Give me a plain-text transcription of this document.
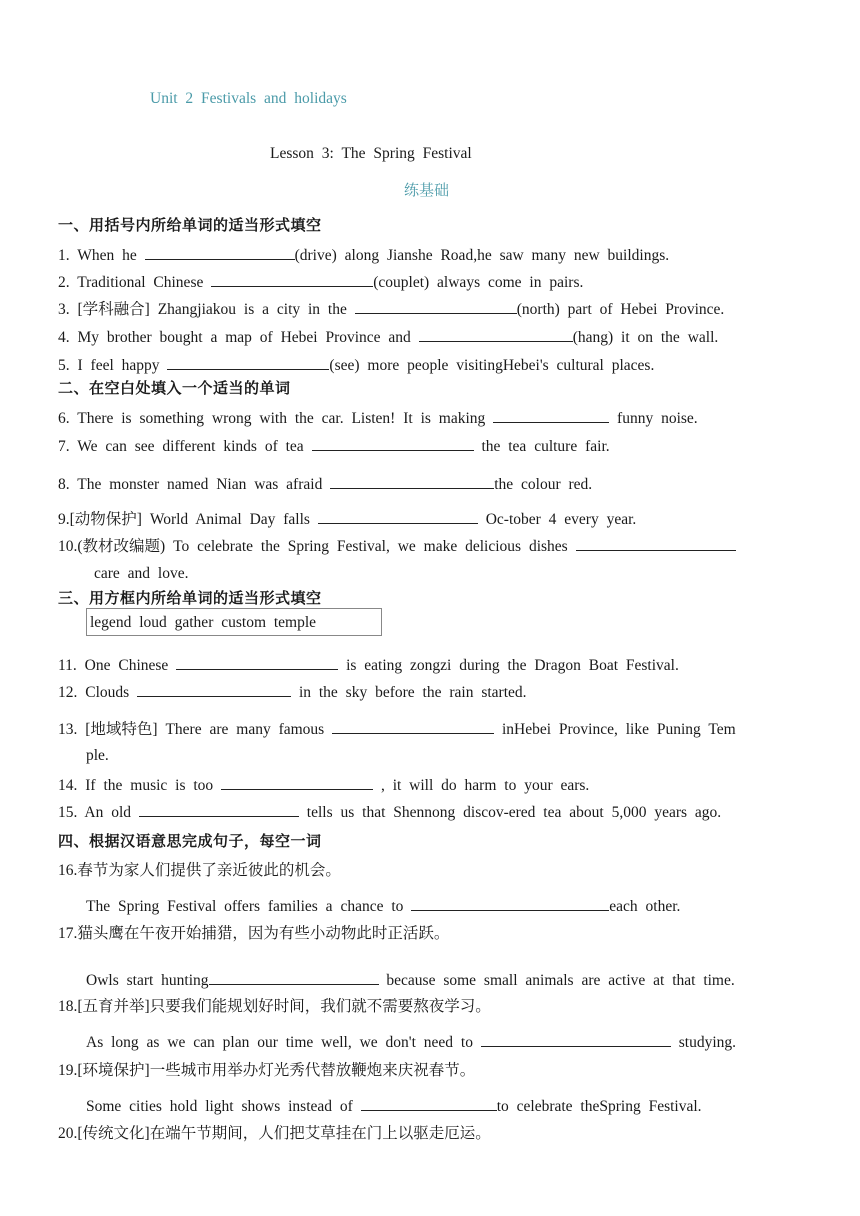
Unit 2 Festivals and holidays
Lesson 3: The Spring Festival
练基础
一、用括号内所给单词的适当形式填空
1. When he	(drive) along Jianshe Road,he saw many new buildings.
2. Traditional Chinese	(couplet) always come in pairs.
3. [学科融合] Zhangjiakou is a city in the	(north) part of Hebei Province.
4. My brother bought a map of Hebei Province and	(hang) it on the wall.
5. I feel happy	(see) more people visitingHebei's cultural places.
二、在空白处填入一个适当的单词
6. There is something wrong with the car. Listen! It is making	funny noise.
7. We can see different kinds of tea	the tea culture fair.
8. The monster named Nian was afraid	the colour red.
9.[动物保护] World Animal Day falls	Oc-tober 4 every year.
10.(教材改编题) To celebrate the Spring Festival, we make delicious dishes
care and love.
三、用方框内所给单词的适当形式填空
legend loud gather custom temple
11. One Chinese	is eating zongzi during the Dragon Boat Festival.
12. Clouds	in the sky before the rain started.
13. [地域特色] There are many famous	inHebei Province, like Puning Tem
ple.
14. If the music is too	, it will do harm to your ears.
15. An old	tells us that Shennong discov-ered tea about 5,000 years ago.
四、根据汉语意思完成句子，每空一词
16.春节为家人们提供了亲近彼此的机会。
The Spring Festival offers families a chance to	each other.
17.猫头鹰在午夜开始捕猎，因为有些小动物此时正活跃。
Owls start hunting	because some small animals are active at that time.
18.[五育并举]只要我们能规划好时间，我们就不需要熬夜学习。
As long as we can plan our time well, we don't need to	studying.
19.[环境保护]一些城市用举办灯光秀代替放鞭炮来庆祝春节。
Some cities hold light shows instead of	to celebrate theSpring Festival.
20.[传统文化]在端午节期间，人们把艾草挂在门上以驱走厄运。
